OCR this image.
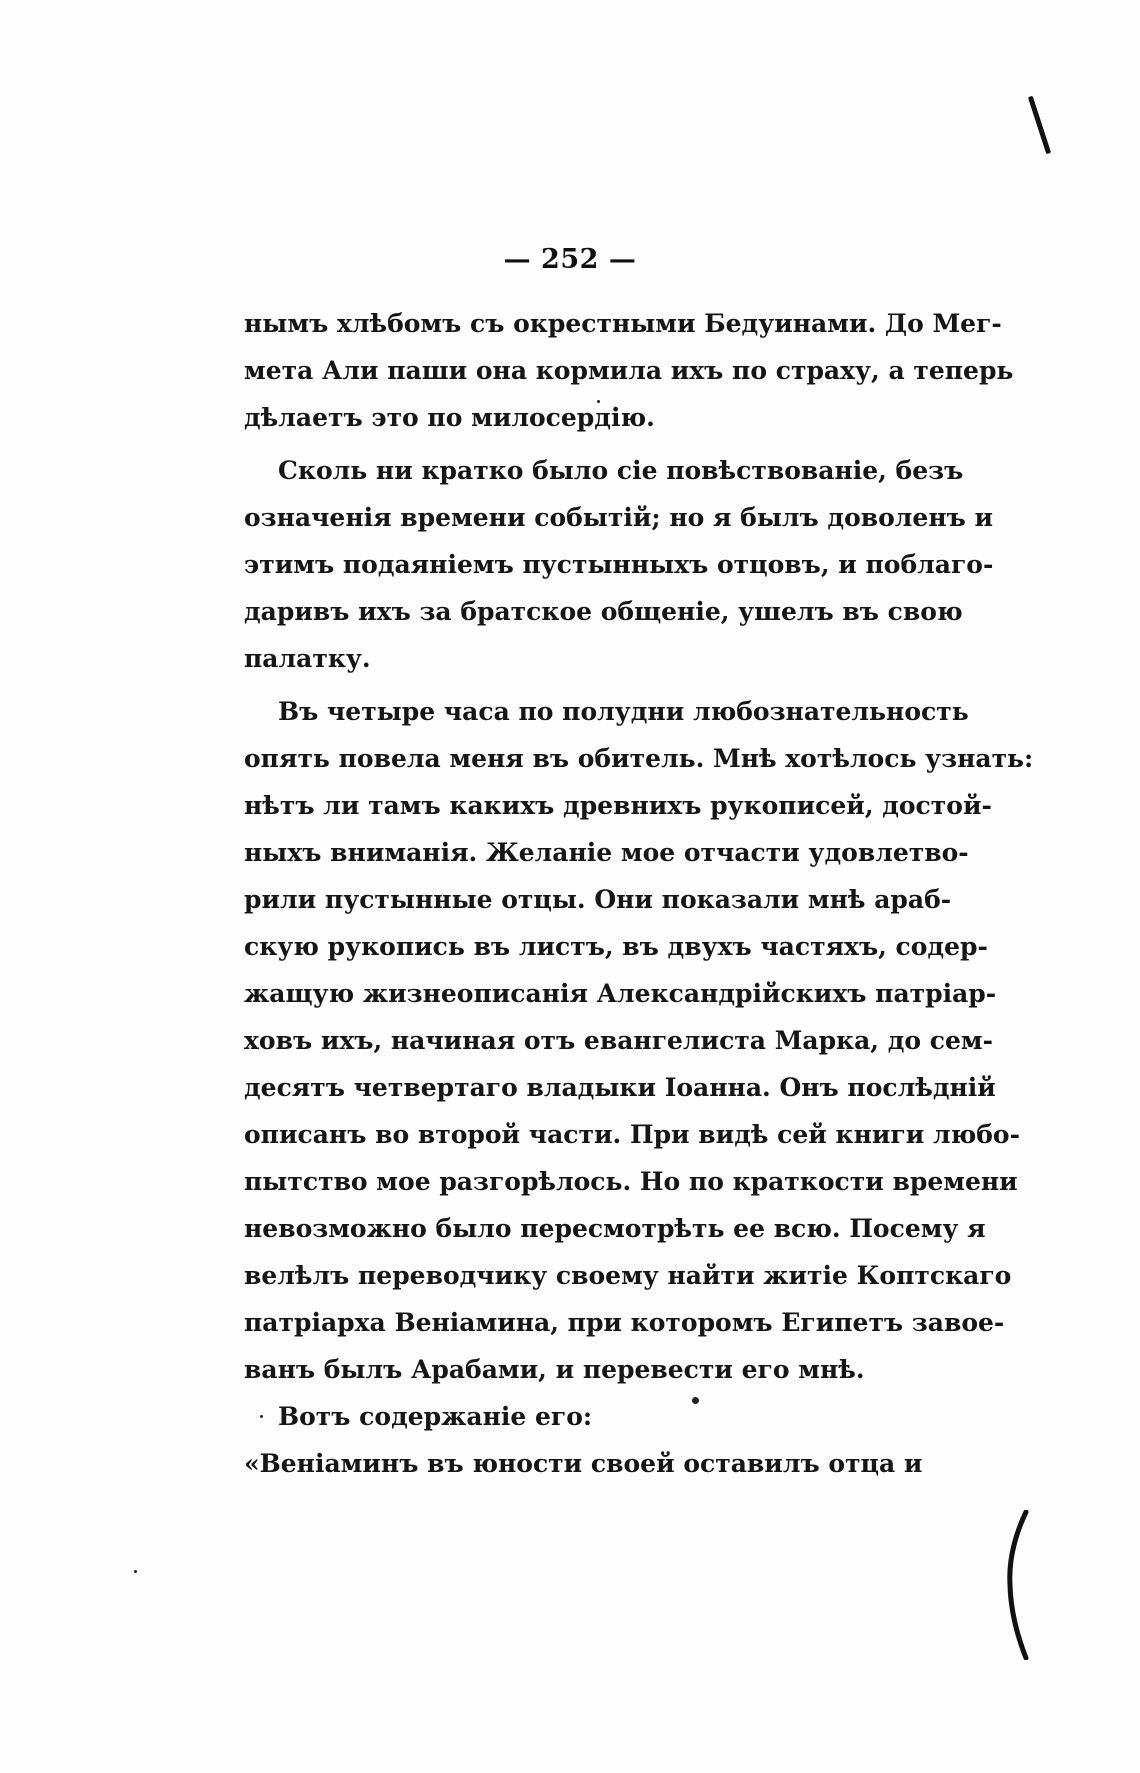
— 252 —
нымъ хлѣбомъ съ окрестными Бедуинами. До Мег-
мета Али паши она кормила ихъ по страху, а теперь
дѣлаетъ это по милосердію.
Сколь ни кратко было сіе повѣствованіе, безъ
означенія времени событій; но я былъ доволенъ и
этимъ подаяніемъ пустынныхъ отцовъ, и поблаго-
даривъ ихъ за братское общеніе, ушелъ въ свою
палатку.
Въ четыре часа по полудни любознательность
опять повела меня въ обитель. Мнѣ хотѣлось узнать:
нѣтъ ли тамъ какихъ древнихъ рукописей, достой-
ныхъ вниманія. Желаніе мое отчасти удовлетво-
рили пустынные отцы. Они показали мнѣ араб-
скую рукопись въ листъ, въ двухъ частяхъ, содер-
жащую жизнеописанія Александрійскихъ патріар-
ховъ ихъ, начиная отъ евангелиста Марка, до сем-
десятъ четвертаго владыки Іоанна. Онъ послѣдній
описанъ во второй части. При видѣ сей книги любо-
пытство мое разгорѣлось. Но по краткости времени
невозможно было пересмотрѣть ее всю. Посему я
велѣлъ переводчику своему найти житіе Коптскаго
патріарха Веніамина, при которомъ Египетъ завое-
ванъ былъ Арабами, и перевести его мнѣ.
Вотъ содержаніе его:
«Веніаминъ въ юности своей оставилъ отца и
